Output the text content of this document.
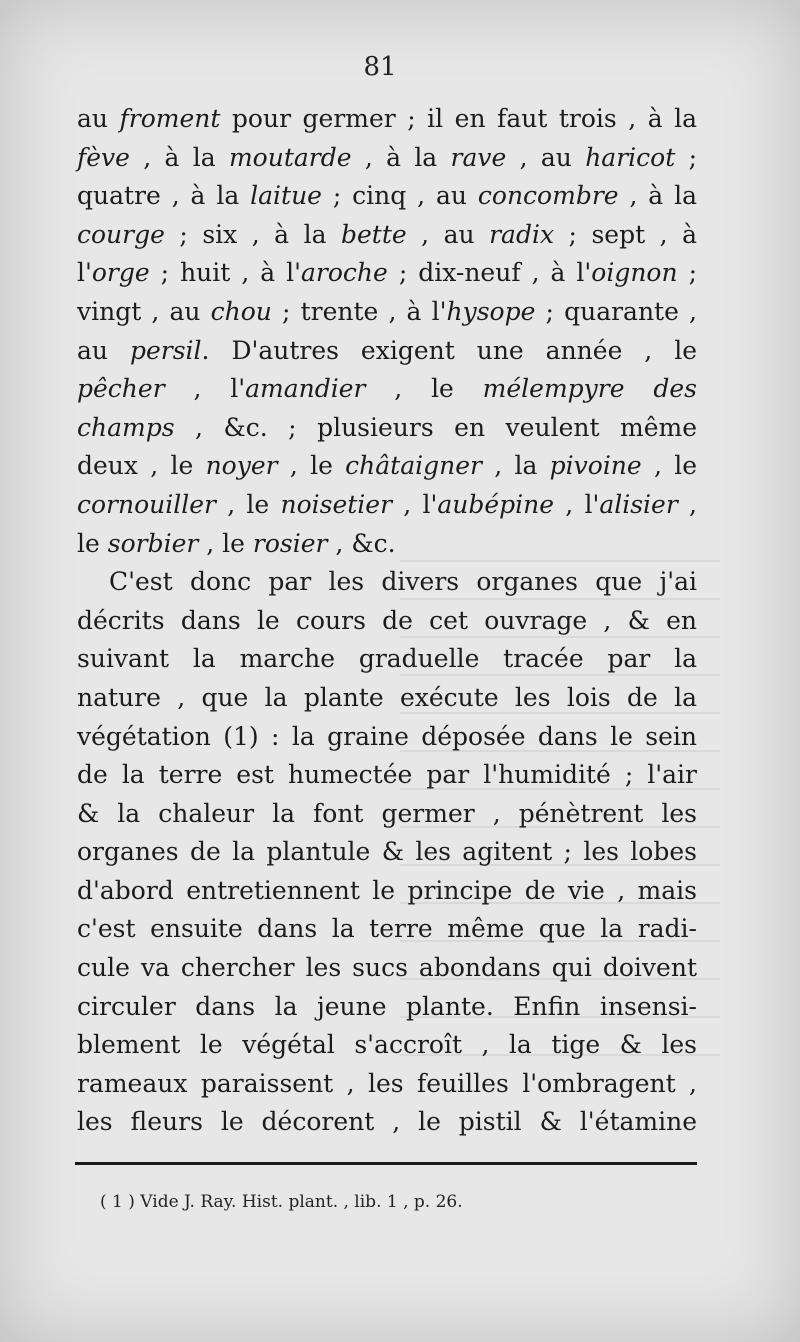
81
au froment pour germer ; il en faut trois , à la
fève , à la moutarde , à la rave , au haricot ;
quatre , à la laitue ; cinq , au concombre , à la
courge ; six , à la bette , au radix ; sept , à
l'orge ; huit , à l'aroche ; dix-neuf , à l'oignon ;
vingt , au chou ; trente , à l'hysope ; quarante ,
au persil. D'autres exigent une année , le
pêcher , l'amandier , le mélempyre des
champs , &c. ; plusieurs en veulent même
deux , le noyer , le châtaigner , la pivoine , le
cornouiller , le noisetier , l'aubépine , l'alisier ,
le sorbier , le rosier , &c.
C'est donc par les divers organes que j'ai
décrits dans le cours de cet ouvrage , & en
suivant la marche graduelle tracée par la
nature , que la plante exécute les lois de la
végétation (1) : la graine déposée dans le sein
de la terre est humectée par l'humidité ; l'air
& la chaleur la font germer , pénètrent les
organes de la plantule & les agitent ; les lobes
d'abord entretiennent le principe de vie , mais
c'est ensuite dans la terre même que la radi-
cule va chercher les sucs abondans qui doivent
circuler dans la jeune plante. Enfin insensi-
blement le végétal s'accroît , la tige & les
rameaux paraissent , les feuilles l'ombragent ,
les fleurs le décorent , le pistil & l'étamine
( 1 ) Vide J. Ray. Hist. plant. , lib. 1 , p. 26.
